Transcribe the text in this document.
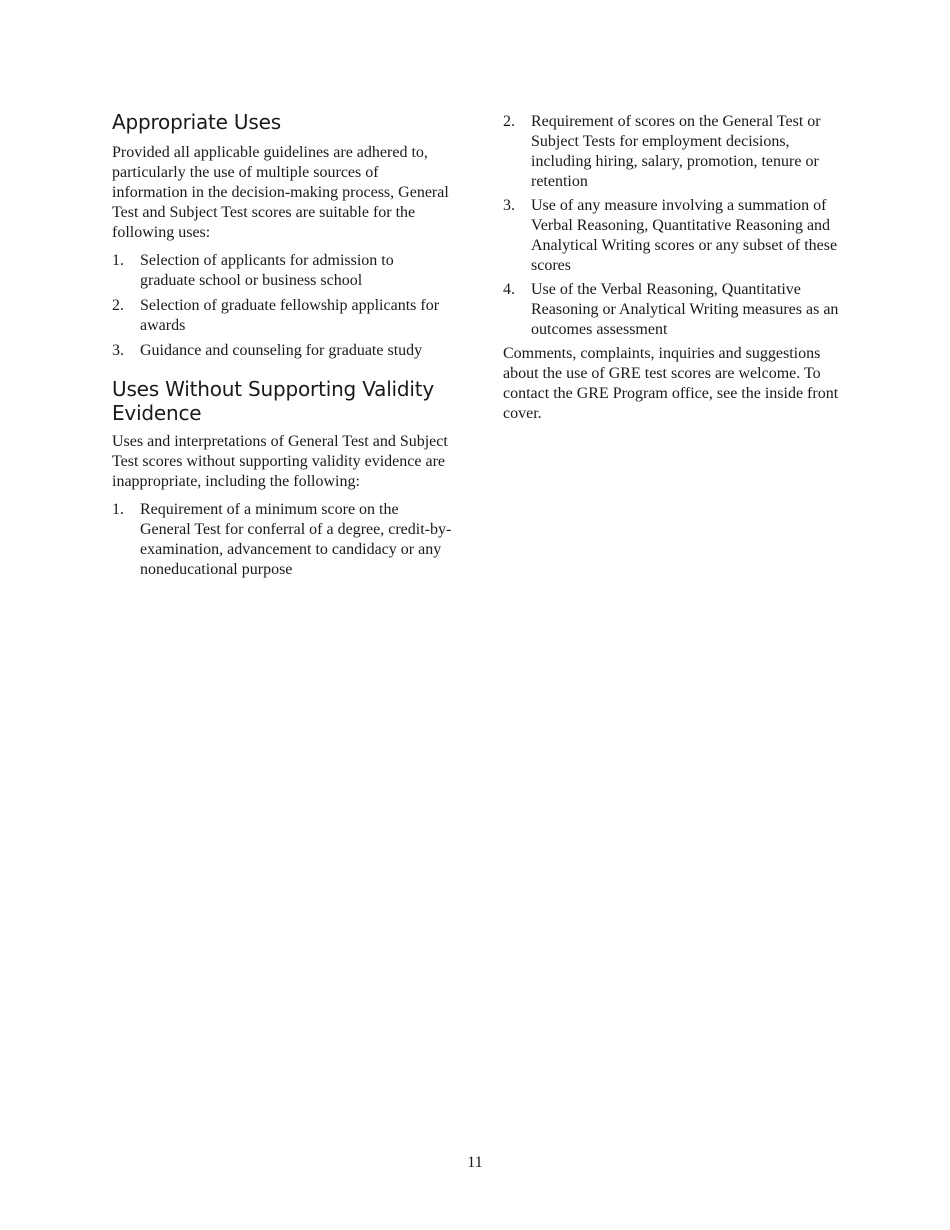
Appropriate Uses

Provided all applicable guidelines are adhered to, particularly the use of multiple sources of information in the decision-making process, General Test and Subject Test scores are suitable for the following uses:

1. Selection of applicants for admission to graduate school or business school
2. Selection of graduate fellowship applicants for awards
3. Guidance and counseling for graduate study
Uses Without Supporting Validity Evidence

Uses and interpretations of General Test and Subject Test scores without supporting validity evidence are inappropriate, including the following:

1. Requirement of a minimum score on the General Test for conferral of a degree, credit-by-examination, advancement to candidacy or any noneducational purpose
2. Requirement of scores on the General Test or Subject Tests for employment decisions, including hiring, salary, promotion, tenure or retention
3. Use of any measure involving a summation of Verbal Reasoning, Quantitative Reasoning and Analytical Writing scores or any subset of these scores
4. Use of the Verbal Reasoning, Quantitative Reasoning or Analytical Writing measures as an outcomes assessment

Comments, complaints, inquiries and suggestions about the use of GRE test scores are welcome. To contact the GRE Program office, see the inside front cover.

11
